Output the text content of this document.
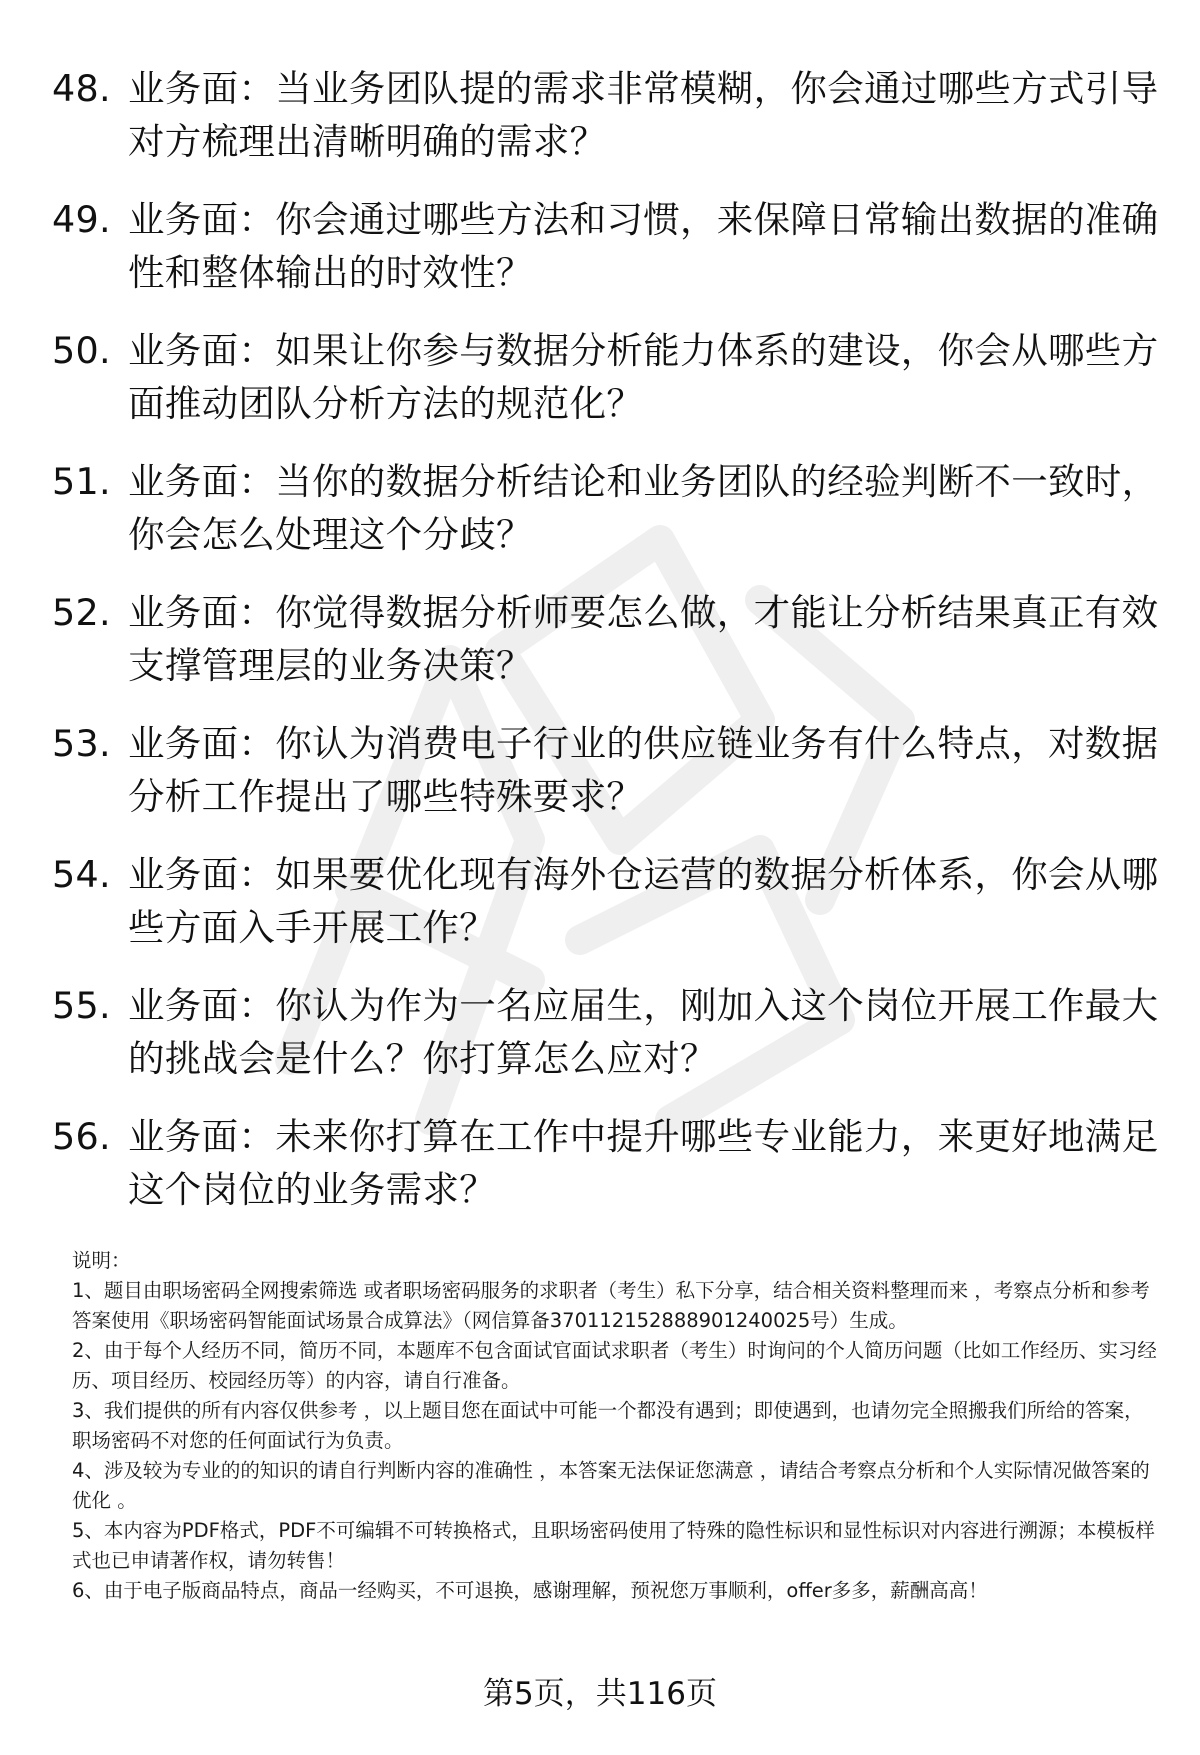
48. 业务面：当业务团队提的需求非常模糊，你会通过哪些方式引导对方梳理出清晰明确的需求？
49. 业务面：你会通过哪些方法和习惯，来保障日常输出数据的准确性和整体输出的时效性？
50. 业务面：如果让你参与数据分析能力体系的建设，你会从哪些方面推动团队分析方法的规范化？
51. 业务面：当你的数据分析结论和业务团队的经验判断不一致时，你会怎么处理这个分歧？
52. 业务面：你觉得数据分析师要怎么做，才能让分析结果真正有效支撑管理层的业务决策？
53. 业务面：你认为消费电子行业的供应链业务有什么特点，对数据分析工作提出了哪些特殊要求？
54. 业务面：如果要优化现有海外仓运营的数据分析体系，你会从哪些方面入手开展工作？
55. 业务面：你认为作为一名应届生，刚加入这个岗位开展工作最大的挑战会是什么？你打算怎么应对？
56. 业务面：未来你打算在工作中提升哪些专业能力，来更好地满足这个岗位的业务需求？
说明：
1、题目由职场密码全网搜索筛选 或者职场密码服务的求职者（考生）私下分享，结合相关资料整理而来 ，考察点分析和参考答案使用《职场密码智能面试场景合成算法》（网信算备370112152888901240025号）生成。
2、由于每个人经历不同，简历不同，本题库不包含面试官面试求职者（考生）时询问的个人简历问题（比如工作经历、实习经历、项目经历、校园经历等）的内容，请自行准备。
3、我们提供的所有内容仅供参考 ，以上题目您在面试中可能一个都没有遇到；即使遇到，也请勿完全照搬我们所给的答案，职场密码不对您的任何面试行为负责。
4、涉及较为专业的的知识的请自行判断内容的准确性 ，本答案无法保证您满意 ，请结合考察点分析和个人实际情况做答案的优化 。
5、本内容为PDF格式，PDF不可编辑不可转换格式，且职场密码使用了特殊的隐性标识和显性标识对内容进行溯源；本模板样式也已申请著作权，请勿转售！
6、由于电子版商品特点，商品一经购买，不可退换，感谢理解，预祝您万事顺利，offer多多，薪酬高高！
第5页，共116页
